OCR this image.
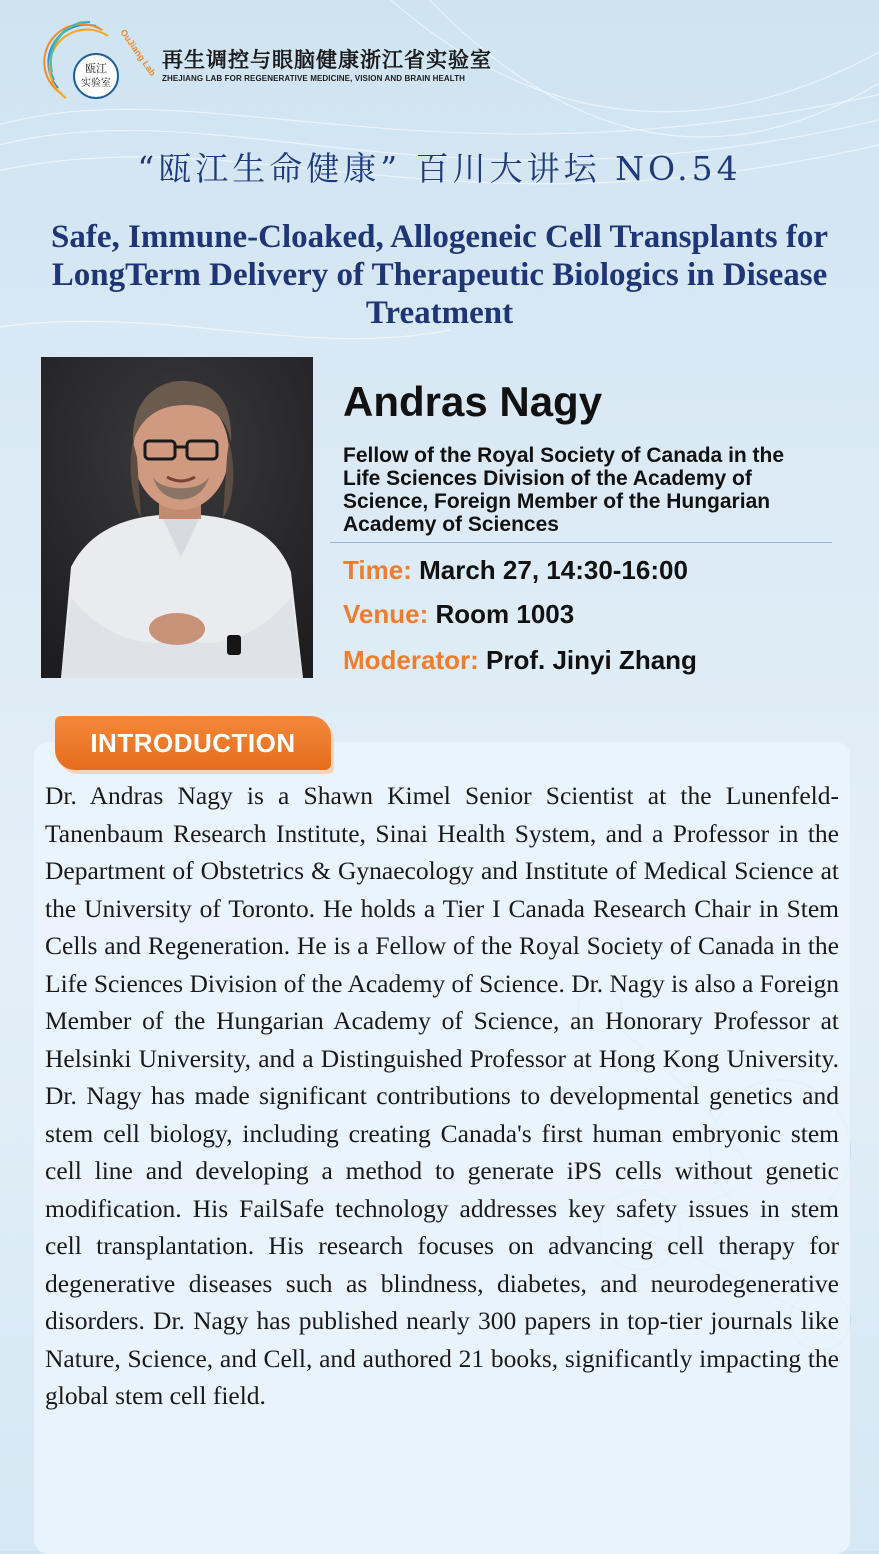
瓯江
实验室
OuJiang Lab 再生调控与眼脑健康浙江省实验室
ZHEJIANG LAB FOR REGENERATIVE MEDICINE, VISION AND BRAIN HEALTH
“瓯江生命健康” 百川大讲坛 NO.54
Safe, Immune-Cloaked, Allogeneic Cell Transplants for LongTerm Delivery of Therapeutic Biologics in Disease Treatment
Andras Nagy
Fellow of the Royal Society of Canada in the Life Sciences Division of the Academy of Science, Foreign Member of the Hungarian Academy of Sciences
Time: March 27, 14:30-16:00
Venue: Room 1003
Moderator: Prof. Jinyi Zhang
INTRODUCTION

Dr. Andras Nagy is a Shawn Kimel Senior Scientist at the Lunenfeld-Tanenbaum Research Institute, Sinai Health System, and a Professor in the Department of Obstetrics & Gynaecology and Institute of Medical Science at the University of Toronto. He holds a Tier I Canada Research Chair in Stem Cells and Regeneration. He is a Fellow of the Royal Society of Canada in the Life Sciences Division of the Academy of Science. Dr. Nagy is also a Foreign Member of the Hungarian Academy of Science, an Honorary Professor at Helsinki University, and a Distinguished Professor at Hong Kong University. Dr. Nagy has made significant contributions to developmental genetics and stem cell biology, including creating Canada's first human embryonic stem cell line and developing a method to generate iPS cells without genetic modification. His FailSafe technology addresses key safety issues in stem cell transplantation. His research focuses on advancing cell therapy for degenerative diseases such as blindness, diabetes, and neurodegenerative disorders. Dr. Nagy has published nearly 300 papers in top-tier journals like Nature, Science, and Cell, and authored 21 books, significantly impacting the global stem cell field.
